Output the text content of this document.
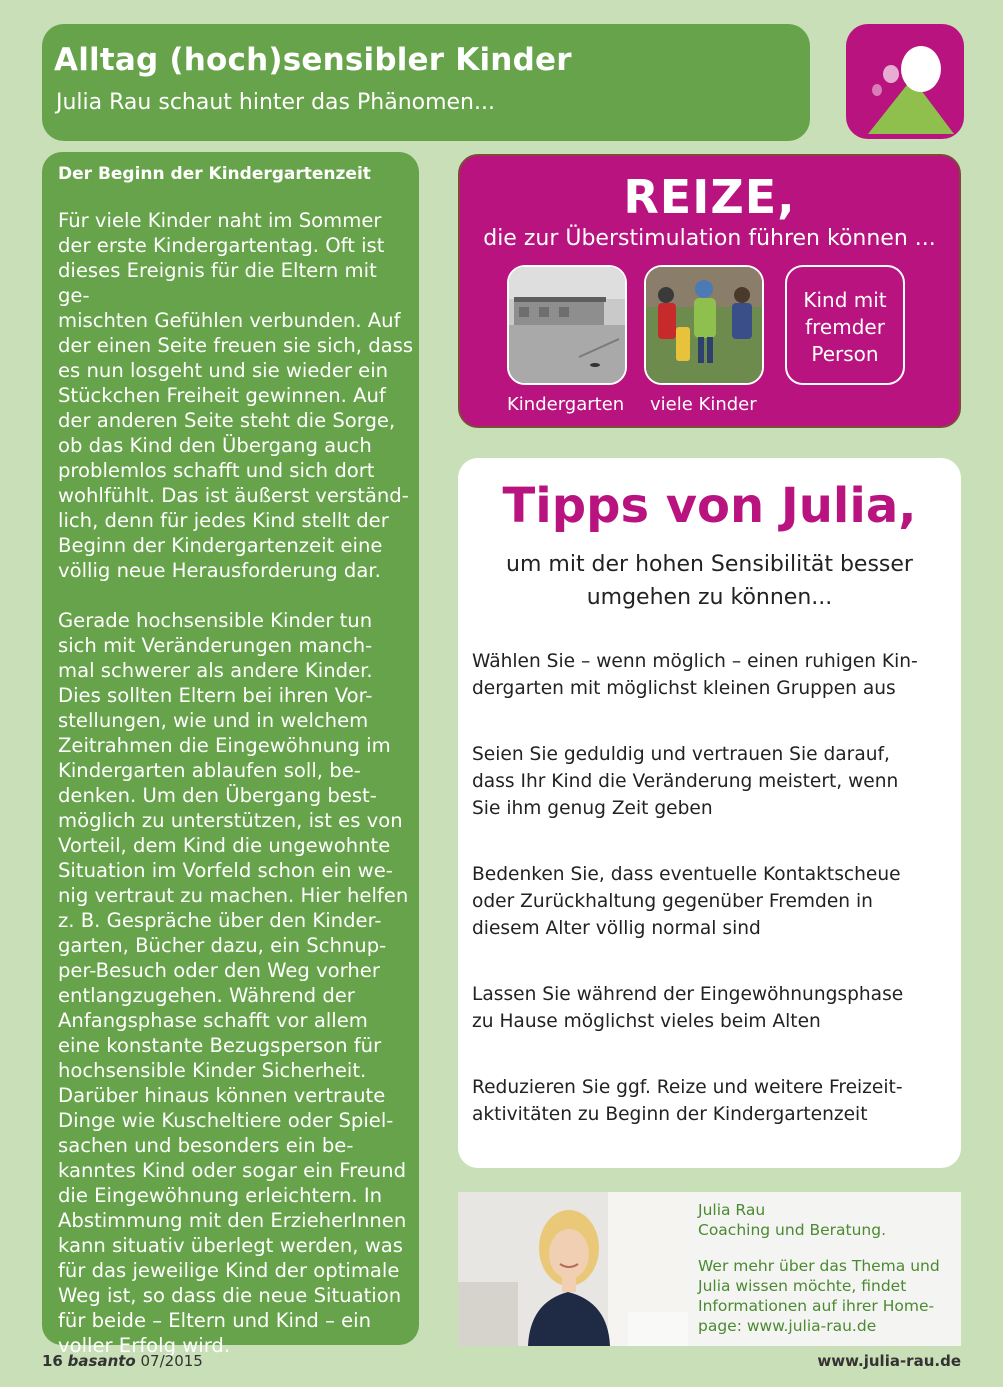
Alltag (hoch)sensibler Kinder
Julia Rau schaut hinter das Phänomen...
Der Beginn der Kindergartenzeit

Für viele Kinder naht im Sommer
der erste Kindergartentag. Oft ist
dieses Ereignis für die Eltern mit ge-
mischten Gefühlen verbunden. Auf
der einen Seite freuen sie sich, dass
es nun losgeht und sie wieder ein
Stückchen Freiheit gewinnen. Auf
der anderen Seite steht die Sorge,
ob das Kind den Übergang auch
problemlos schafft und sich dort
wohlfühlt. Das ist äußerst verständ-
lich, denn für jedes Kind stellt der
Beginn der Kindergartenzeit eine
völlig neue Herausforderung dar.

Gerade hochsensible Kinder tun
sich mit Veränderungen manch-
mal schwerer als andere Kinder.
Dies sollten Eltern bei ihren Vor-
stellungen, wie und in welchem
Zeitrahmen die Eingewöhnung im
Kindergarten ablaufen soll, be-
denken. Um den Übergang best-
möglich zu unterstützen, ist es von
Vorteil, dem Kind die ungewohnte
Situation im Vorfeld schon ein we-
nig vertraut zu machen. Hier helfen
z. B. Gespräche über den Kinder-
garten, Bücher dazu, ein Schnup-
per-Besuch oder den Weg vorher
entlangzugehen. Während der
Anfangsphase schafft vor allem
eine konstante Bezugsperson für
hochsensible Kinder Sicherheit.
Darüber hinaus können vertraute
Dinge wie Kuscheltiere oder Spiel-
sachen und besonders ein be-
kanntes Kind oder sogar ein Freund
die Eingewöhnung erleichtern. In
Abstimmung mit den ErzieherInnen
kann situativ überlegt werden, was
für das jeweilige Kind der optimale
Weg ist, so dass die neue Situation
für beide – Eltern und Kind – ein
voller Erfolg wird.

REIZE,
die zur Überstimulation führen können ...
Kindergarten viele Kinder
Kind mit
fremder
Person
Tipps von Julia,
um mit der hohen Sensibilität besser umgehen zu können...
Wählen Sie – wenn möglich – einen ruhigen Kin-
dergarten mit möglichst kleinen Gruppen aus
Seien Sie geduldig und vertrauen Sie darauf,
dass Ihr Kind die Veränderung meistert, wenn
Sie ihm genug Zeit geben
Bedenken Sie, dass eventuelle Kontaktscheue
oder Zurückhaltung gegenüber Fremden in
diesem Alter völlig normal sind
Lassen Sie während der Eingewöhnungsphase
zu Hause möglichst vieles beim Alten
Reduzieren Sie ggf. Reize und weitere Freizeit-
aktivitäten zu Beginn der Kindergartenzeit
Julia Rau
Coaching und Beratung.
Wer mehr über das Thema und
Julia wissen möchte, findet
Informationen auf ihrer Home-
page: www.julia-rau.de
16 basanto 07/2015	www.julia-rau.de
